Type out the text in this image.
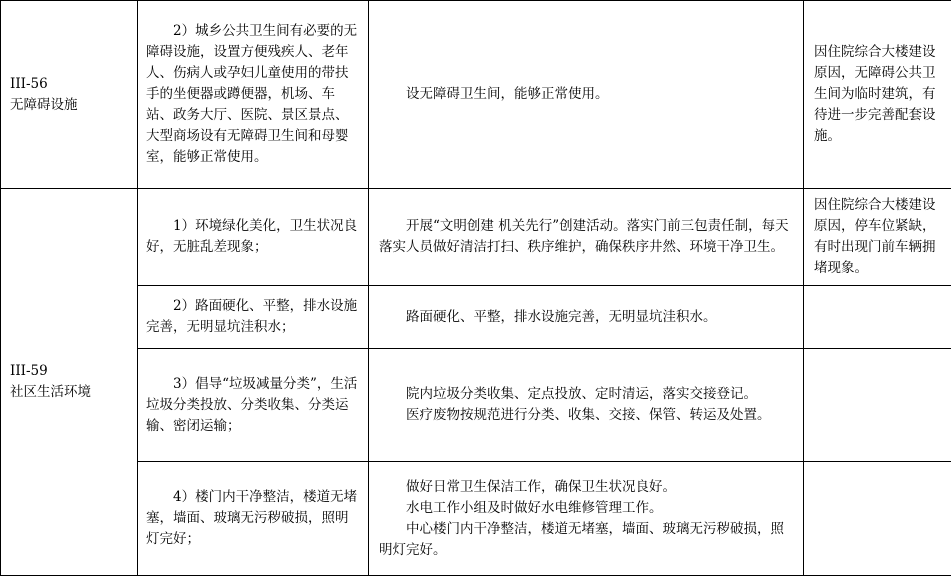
III-56
无障碍设施	2）城乡公共卫生间有必要的无障碍设施，设置方便残疾人、老年人、伤病人或孕妇儿童使用的带扶手的坐便器或蹲便器，机场、车站、政务大厅、医院、景区景点、大型商场设有无障碍卫生间和母婴室，能够正常使用。	设无障碍卫生间，能够正常使用。	因住院综合大楼建设原因，无障碍公共卫生间为临时建筑，有待进一步完善配套设施。

III-59
社区生活环境	1）环境绿化美化，卫生状况良好，无脏乱差现象；	开展“文明创建 机关先行”创建活动。落实门前三包责任制，每天落实人员做好清洁打扫、秩序维护，确保秩序井然、环境干净卫生。	因住院综合大楼建设原因，停车位紧缺，有时出现门前车辆拥堵现象。
	2）路面硬化、平整，排水设施完善，无明显坑洼积水；	路面硬化、平整，排水设施完善，无明显坑洼积水。	

	3）倡导“垃圾减量分类”，生活垃圾分类投放、分类收集、分类运输、密闭运输；	院内垃圾分类收集、定点投放、定时清运，落实交接登记。

医疗废物按规范进行分类、收集、交接、保管、转运及处置。	

	4）楼门内干净整洁，楼道无堵塞，墙面、玻璃无污秽破损，照明灯完好；	做好日常卫生保洁工作，确保卫生状况良好。

水电工作小组及时做好水电维修管理工作。

中心楼门内干净整洁，楼道无堵塞，墙面、玻璃无污秽破损，照明灯完好。	
